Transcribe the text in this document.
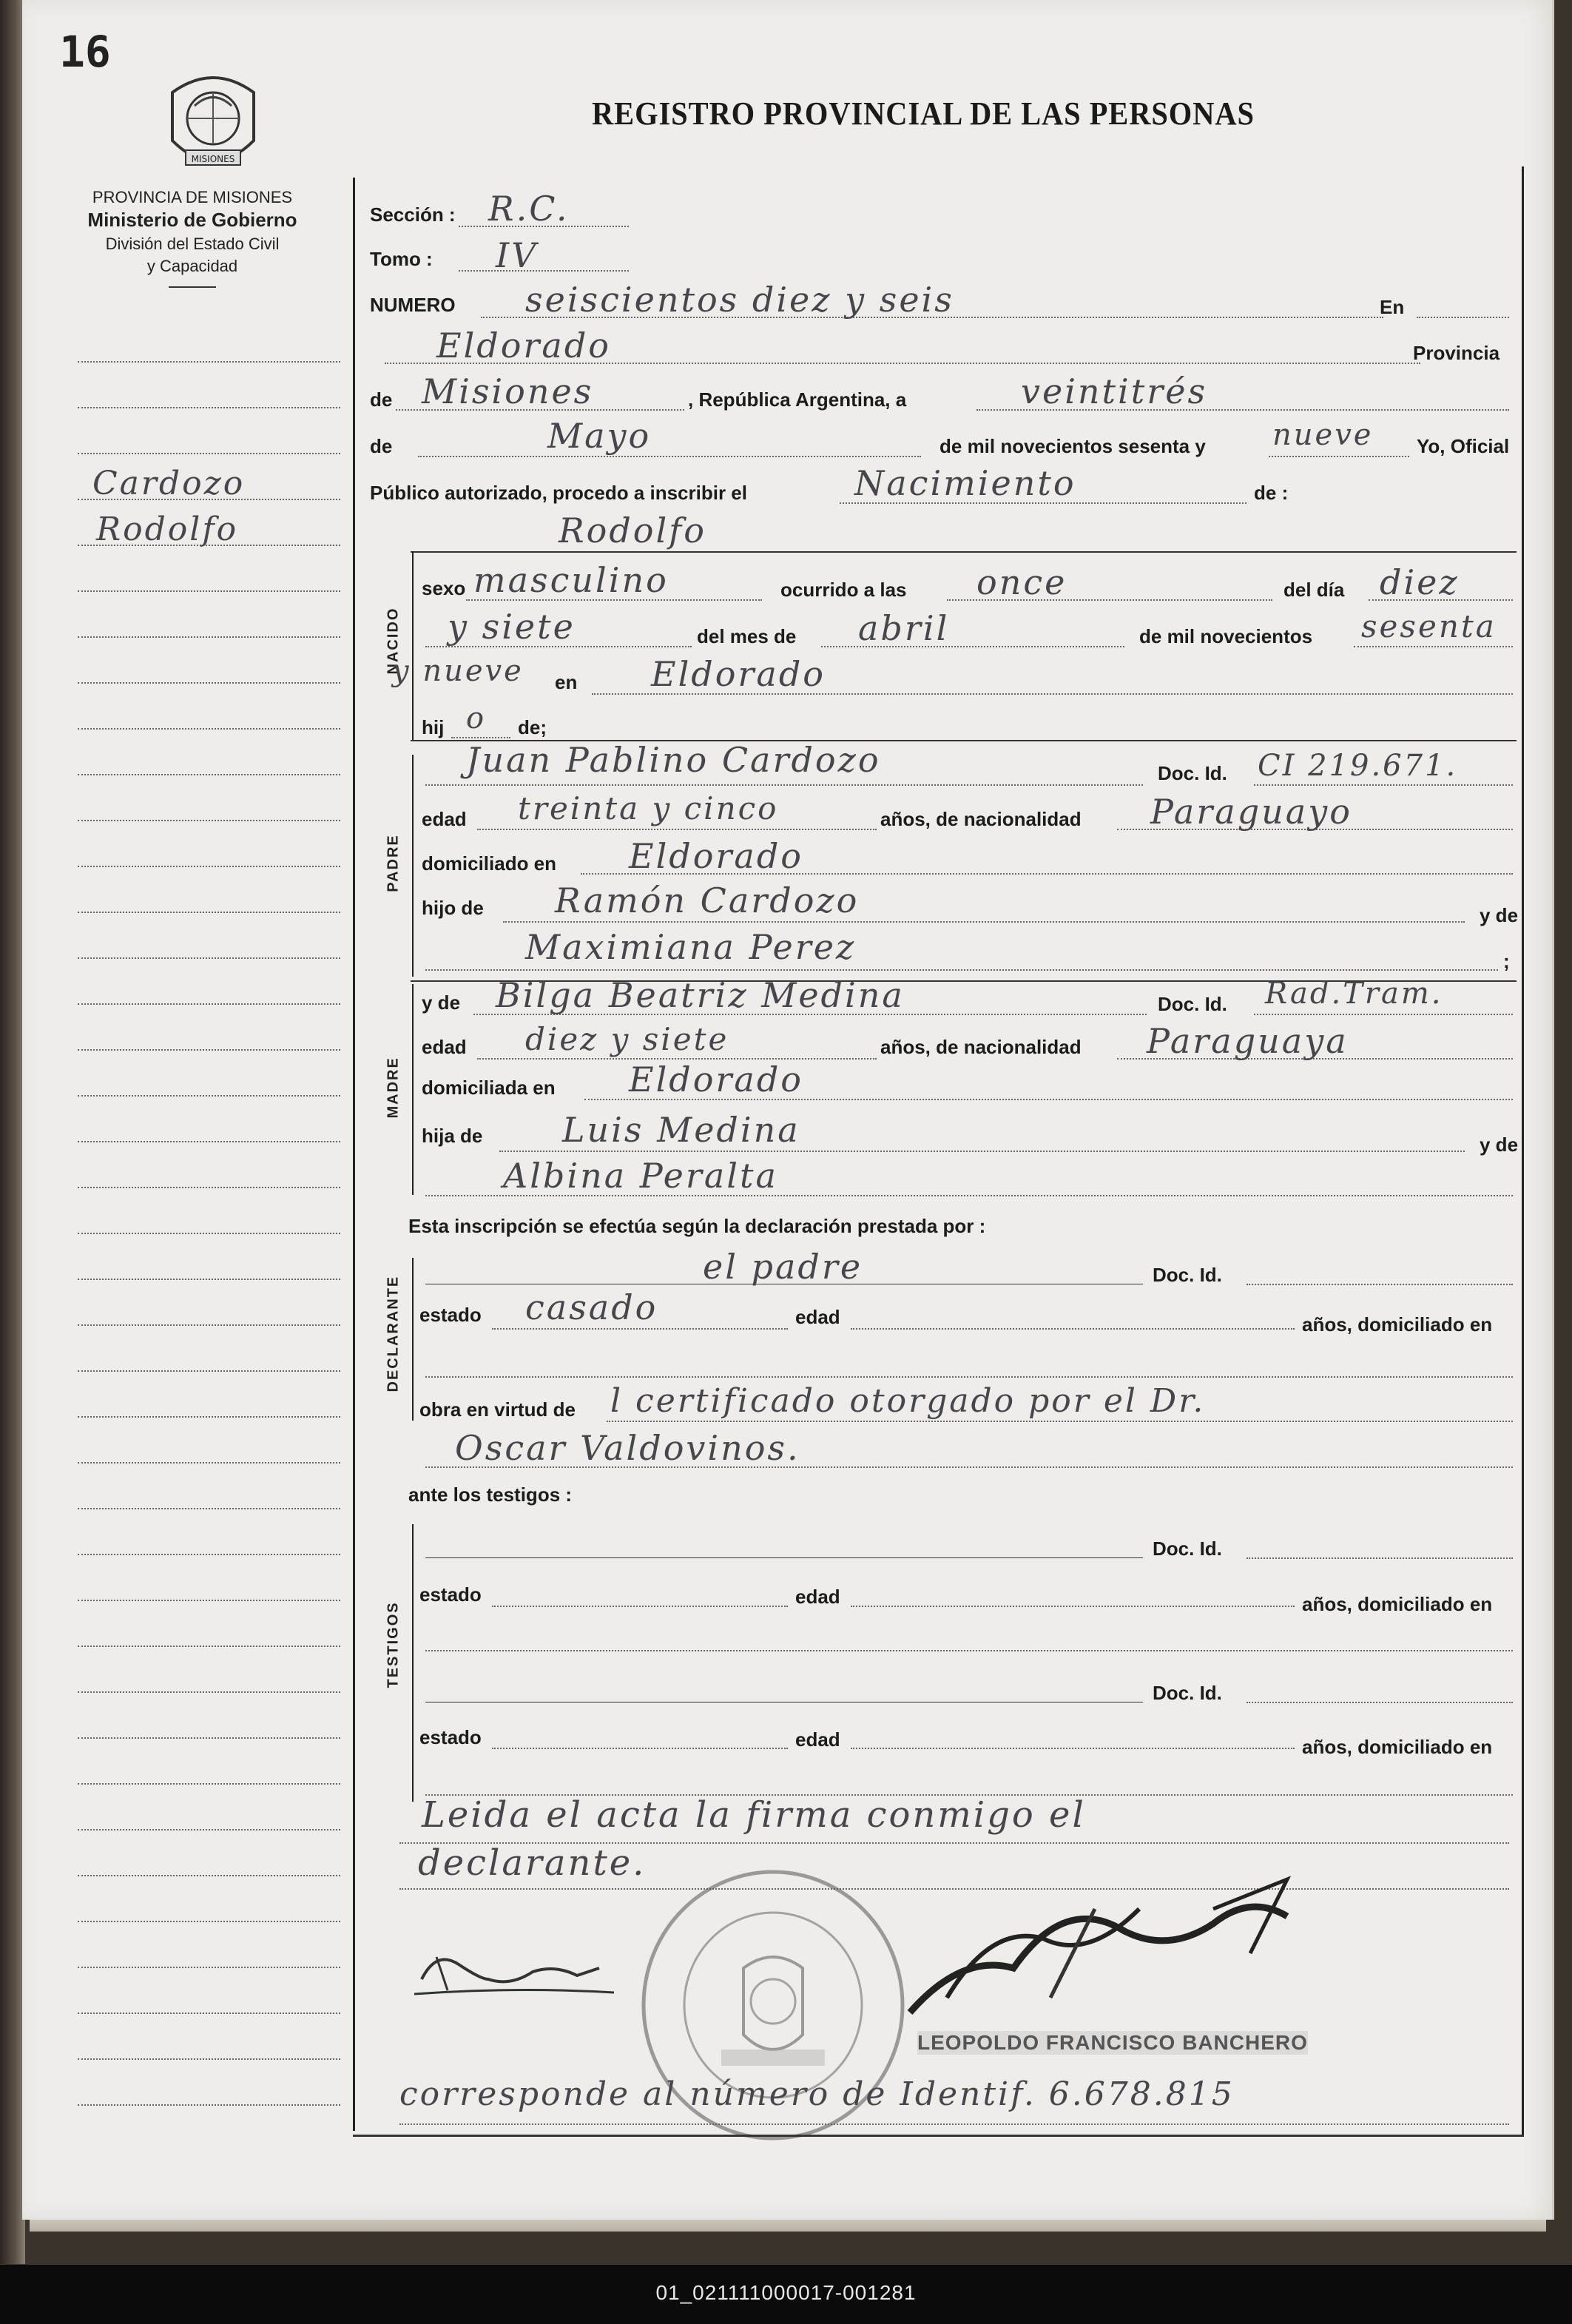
16
MISIONES
PROVINCIA DE MISIONES
Ministerio de Gobierno
División del Estado Civil
y Capacidad
REGISTRO PROVINCIAL DE LAS PERSONAS
Cardozo
Rodolfo
Sección : R.C.
Tomo : IV
NUMERO seiscientos diez y seis	En
Eldorado	Provincia
de Misiones	, República Argentina, a	veintitrés
de	Mayo	de mil novecientos sesenta y nueve Yo, Oficial
Público autorizado, procedo a inscribir el	Nacimiento	de :
Rodolfo
NACIDO
sexo masculino	ocurrido a las once	del día diez
y siete	del mes de abril	de mil novecientos sesenta
y nueve en Eldorado
hij o de;
PADRE
Juan Pablino Cardozo	Doc. Id. CI 219.671.
edad treinta y cinco	años, de nacionalidad Paraguayo
domiciliado en Eldorado
hijo de Ramón Cardozo	y de
Maximiana Perez	;
MADRE
y de Bilga Beatriz Medina	Doc. Id. Rad.Tram.
edad diez y siete	años, de nacionalidad Paraguaya
domiciliada en Eldorado
hija de Luis Medina	y de
Albina Peralta
Esta inscripción se efectúa según la declaración prestada por :
DECLARANTE
el padre	Doc. Id.
estado casado	edad	años, domiciliado en
obra en virtud de l certificado otorgado por el Dr.
Oscar Valdovinos.
ante los testigos :
TESTIGOS
Doc. Id.
estado	edad	años, domiciliado en
Doc. Id.
estado	edad	años, domiciliado en
Leida el acta la firma conmigo el
declarante.
LEOPOLDO FRANCISCO BANCHERO
corresponde al número de Identif. 6.678.815
01_021111000017-001281
